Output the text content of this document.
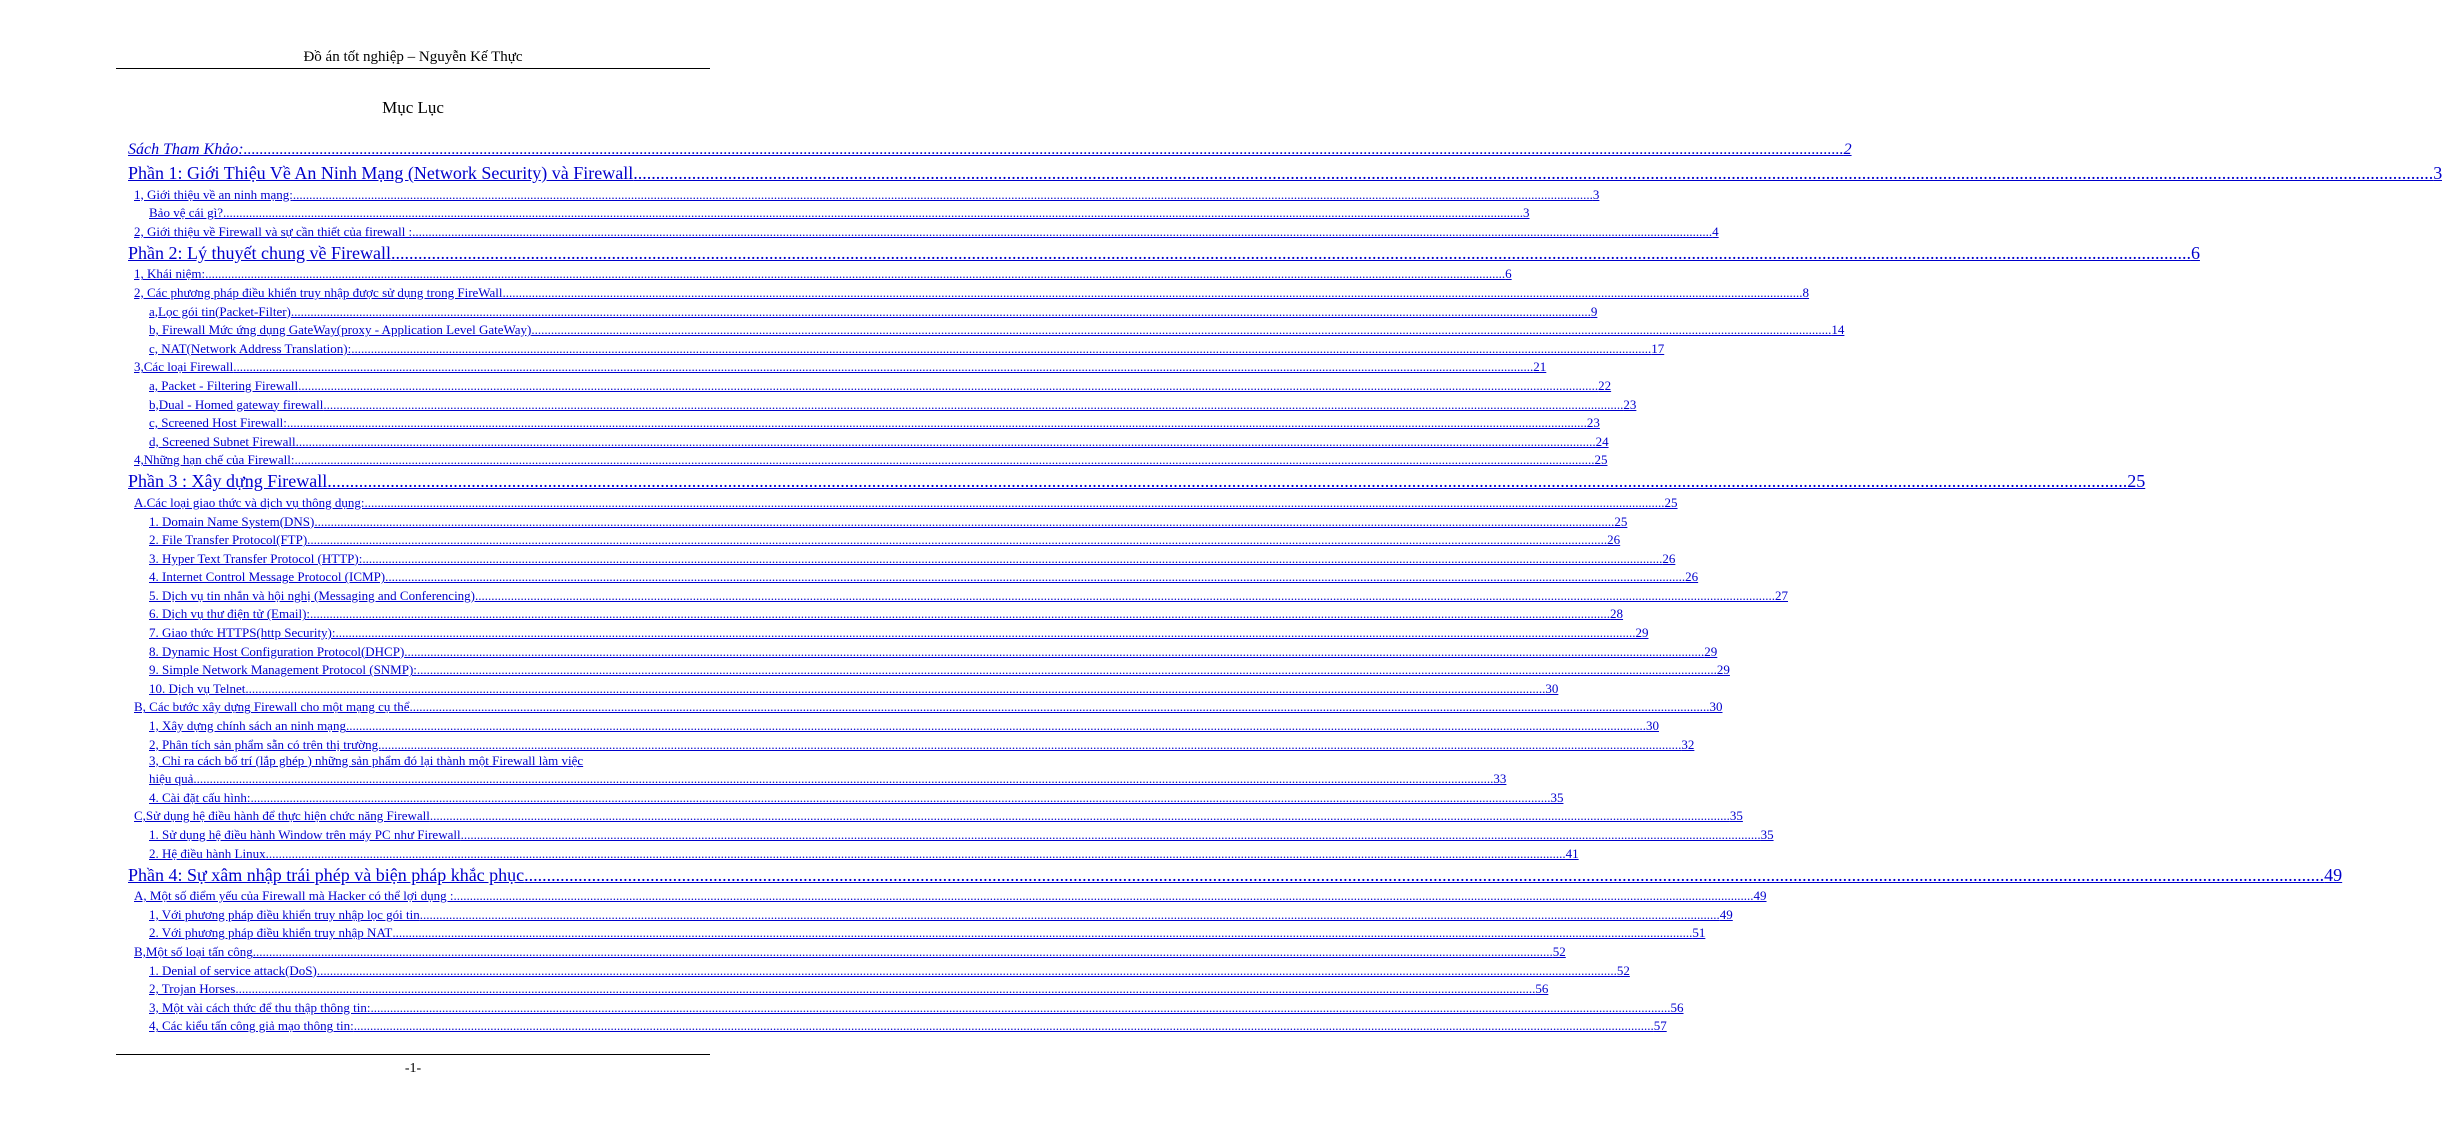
Đồ án tốt nghiệp – Nguyễn Kế Thực
Mục Lục
Sách Tham Khảo: ................................................................................................................................................................................................................................................................................................................................................................................................................ 2
Phần 1: Giới Thiệu Về An Ninh Mạng (Network Security) và Firewall ................................................................................................................................................................................................................................................................................................................................................................................................................ 3
1, Giới thiệu về an ninh mạng: ................................................................................................................................................................................................................................................................................................................................................................................................................ 3
Bảo vệ cái gì? ................................................................................................................................................................................................................................................................................................................................................................................................................ 3
2, Giới thiệu về Firewall và sự cần thiết của firewall : ................................................................................................................................................................................................................................................................................................................................................................................................................ 4
Phần 2: Lý thuyết chung về Firewall ................................................................................................................................................................................................................................................................................................................................................................................................................ 6
1, Khái niệm: ................................................................................................................................................................................................................................................................................................................................................................................................................ 6
2, Các phương pháp điều khiển truy nhập được sử dụng trong FireWall ................................................................................................................................................................................................................................................................................................................................................................................................................ 8
a,Lọc gói tin(Packet-Filter) ................................................................................................................................................................................................................................................................................................................................................................................................................ 9
b, Firewall Mức ứng dụng GateWay(proxy - Application Level GateWay) ................................................................................................................................................................................................................................................................................................................................................................................................................ 14
c, NAT(Network Address Translation): ................................................................................................................................................................................................................................................................................................................................................................................................................ 17
3,Các loại Firewall ................................................................................................................................................................................................................................................................................................................................................................................................................ 21
a, Packet - Filtering Firewall ................................................................................................................................................................................................................................................................................................................................................................................................................ 22
b,Dual - Homed gateway firewall ................................................................................................................................................................................................................................................................................................................................................................................................................ 23
c, Screened Host Firewall: ................................................................................................................................................................................................................................................................................................................................................................................................................ 23
d, Screened Subnet Firewall ................................................................................................................................................................................................................................................................................................................................................................................................................ 24
4,Những hạn chế của Firewall: ................................................................................................................................................................................................................................................................................................................................................................................................................ 25
Phần 3 : Xây dựng Firewall ................................................................................................................................................................................................................................................................................................................................................................................................................ 25
A.Các loại giao thức và dịch vụ thông dụng: ................................................................................................................................................................................................................................................................................................................................................................................................................ 25
1. Domain Name System(DNS) ................................................................................................................................................................................................................................................................................................................................................................................................................ 25
2. File Transfer Protocol(FTP) ................................................................................................................................................................................................................................................................................................................................................................................................................ 26
3. Hyper Text Transfer Protocol (HTTP): ................................................................................................................................................................................................................................................................................................................................................................................................................ 26
4. Internet Control Message Protocol (ICMP) ................................................................................................................................................................................................................................................................................................................................................................................................................ 26
5. Dịch vụ tin nhắn và hội nghị (Messaging and Conferencing) ................................................................................................................................................................................................................................................................................................................................................................................................................ 27
6. Dịch vụ thư điện tử (Email): ................................................................................................................................................................................................................................................................................................................................................................................................................ 28
7. Giao thức HTTPS(http Security): ................................................................................................................................................................................................................................................................................................................................................................................................................ 29
8. Dynamic Host Configuration Protocol(DHCP) ................................................................................................................................................................................................................................................................................................................................................................................................................ 29
9. Simple Network Management Protocol (SNMP): ................................................................................................................................................................................................................................................................................................................................................................................................................ 29
10. Dịch vụ Telnet ................................................................................................................................................................................................................................................................................................................................................................................................................ 30
B, Các bước xây dựng Firewall cho một mạng cụ thể ................................................................................................................................................................................................................................................................................................................................................................................................................ 30
1, Xây dựng chính sách an ninh mạng ................................................................................................................................................................................................................................................................................................................................................................................................................ 30
2, Phân tích sản phẩm sẵn có trên thị trường. ................................................................................................................................................................................................................................................................................................................................................................................................................ 32
3, Chỉ ra cách bố trí (lắp ghép ) những sản phẩm đó lại thành một Firewall làm việc
hiệu quả ................................................................................................................................................................................................................................................................................................................................................................................................................ 33
4. Cài đặt cấu hình: ................................................................................................................................................................................................................................................................................................................................................................................................................ 35
C,Sử dụng hệ điều hành để thực hiện chức năng Firewall ................................................................................................................................................................................................................................................................................................................................................................................................................ 35
1. Sử dụng hệ điều hành Window trên máy PC như Firewall ................................................................................................................................................................................................................................................................................................................................................................................................................ 35
2. Hệ điều hành Linux ................................................................................................................................................................................................................................................................................................................................................................................................................ 41
Phần 4: Sự xâm nhập trái phép và biện pháp khắc phục ................................................................................................................................................................................................................................................................................................................................................................................................................ 49
A, Một số điểm yếu của Firewall mà Hacker có thể lợi dụng : ................................................................................................................................................................................................................................................................................................................................................................................................................ 49
1, Với phương pháp điều khiển truy nhập lọc gói tin ................................................................................................................................................................................................................................................................................................................................................................................................................ 49
2. Với phương pháp điều khiển truy nhập NAT ................................................................................................................................................................................................................................................................................................................................................................................................................ 51
B,Một số loại tấn công ................................................................................................................................................................................................................................................................................................................................................................................................................ 52
1. Denial of service attack(DoS) ................................................................................................................................................................................................................................................................................................................................................................................................................ 52
2, Trojan Horses ................................................................................................................................................................................................................................................................................................................................................................................................................ 56
3, Một vài cách thức để thu thập thông tin: ................................................................................................................................................................................................................................................................................................................................................................................................................ 56
4, Các kiểu tấn công giả mạo thông tin: ................................................................................................................................................................................................................................................................................................................................................................................................................ 57
-1-
